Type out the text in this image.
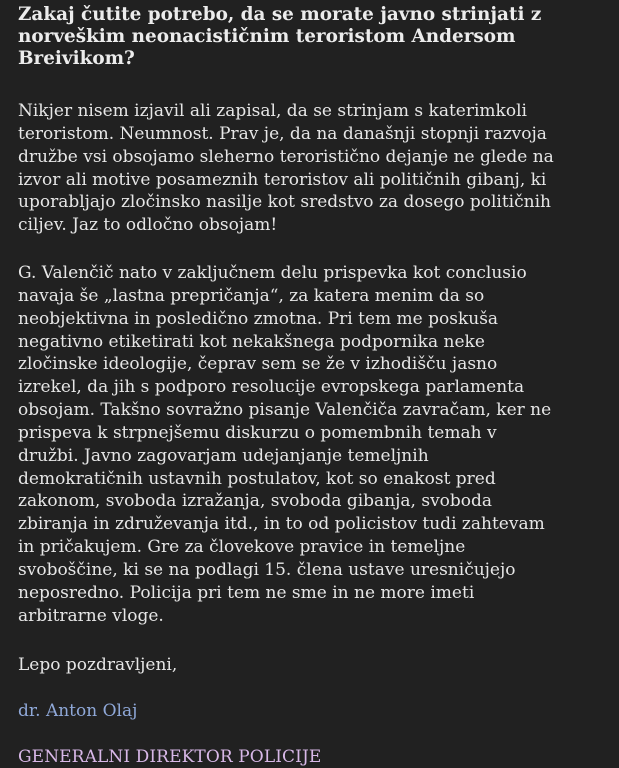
Zakaj čutite potrebo, da se morate javno strinjati z
norveškim neonacističnim teroristom Andersom
Breivikom?

Nikjer nisem izjavil ali zapisal, da se strinjam s katerimkoli
teroristom. Neumnost. Prav je, da na današnji stopnji razvoja
družbe vsi obsojamo sleherno teroristično dejanje ne glede na
izvor ali motive posameznih teroristov ali političnih gibanj, ki
uporabljajo zločinsko nasilje kot sredstvo za dosego političnih
ciljev. Jaz to odločno obsojam!

G. Valenčič nato v zaključnem delu prispevka kot conclusio
navaja še „lastna prepričanja“, za katera menim da so
neobjektivna in posledično zmotna. Pri tem me poskuša
negativno etiketirati kot nekakšnega podpornika neke
zločinske ideologije, čeprav sem se že v izhodišču jasno
izrekel, da jih s podporo resolucije evropskega parlamenta
obsojam. Takšno sovražno pisanje Valenčiča zavračam, ker ne
prispeva k strpnejšemu diskurzu o pomembnih temah v
družbi. Javno zagovarjam udejanjanje temeljnih
demokratičnih ustavnih postulatov, kot so enakost pred
zakonom, svoboda izražanja, svoboda gibanja, svoboda
zbiranja in združevanja itd., in to od policistov tudi zahtevam
in pričakujem. Gre za človekove pravice in temeljne
svoboščine, ki se na podlagi 15. člena ustave uresničujejo
neposredno. Policija pri tem ne sme in ne more imeti
arbitrarne vloge.

Lepo pozdravljeni,
dr. Anton Olaj
GENERALNI DIREKTOR POLICIJE
